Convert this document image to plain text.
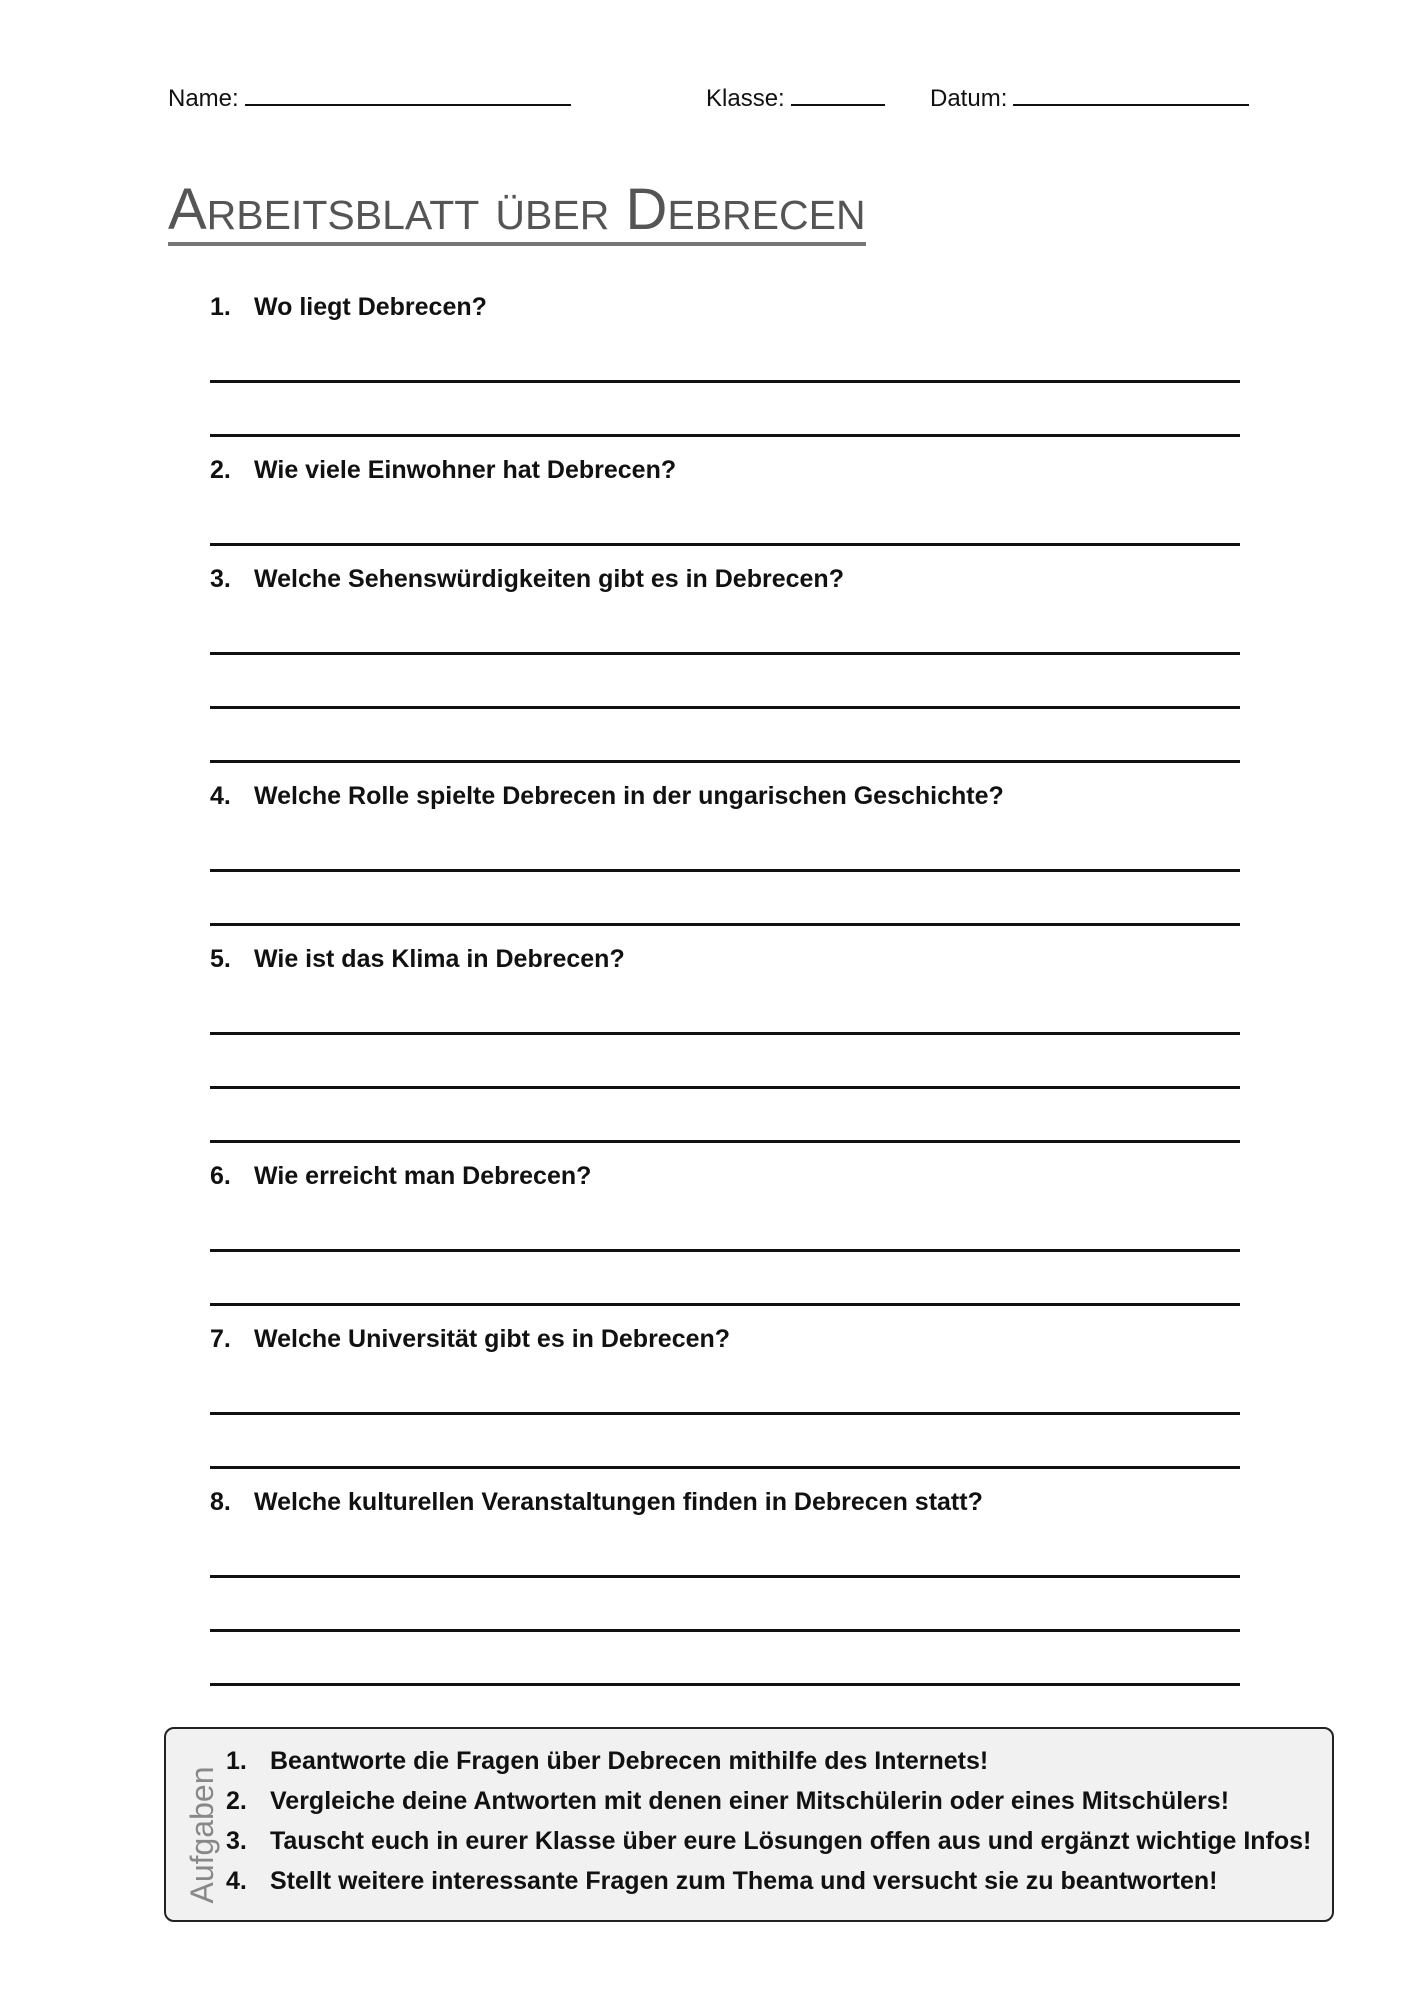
Name:	Klasse:	Datum:
Arbeitsblatt über Debrecen
1. Wo liegt Debrecen?
2. Wie viele Einwohner hat Debrecen?
3. Welche Sehenswürdigkeiten gibt es in Debrecen?
4. Welche Rolle spielte Debrecen in der ungarischen Geschichte?
5. Wie ist das Klima in Debrecen?
6. Wie erreicht man Debrecen?
7. Welche Universität gibt es in Debrecen?
8. Welche kulturellen Veranstaltungen finden in Debrecen statt?
Aufgaben
1. Beantworte die Fragen über Debrecen mithilfe des Internets!
2. Vergleiche deine Antworten mit denen einer Mitschülerin oder eines Mitschülers!
3. Tauscht euch in eurer Klasse über eure Lösungen offen aus und ergänzt wichtige Infos!
4. Stellt weitere interessante Fragen zum Thema und versucht sie zu beantworten!
